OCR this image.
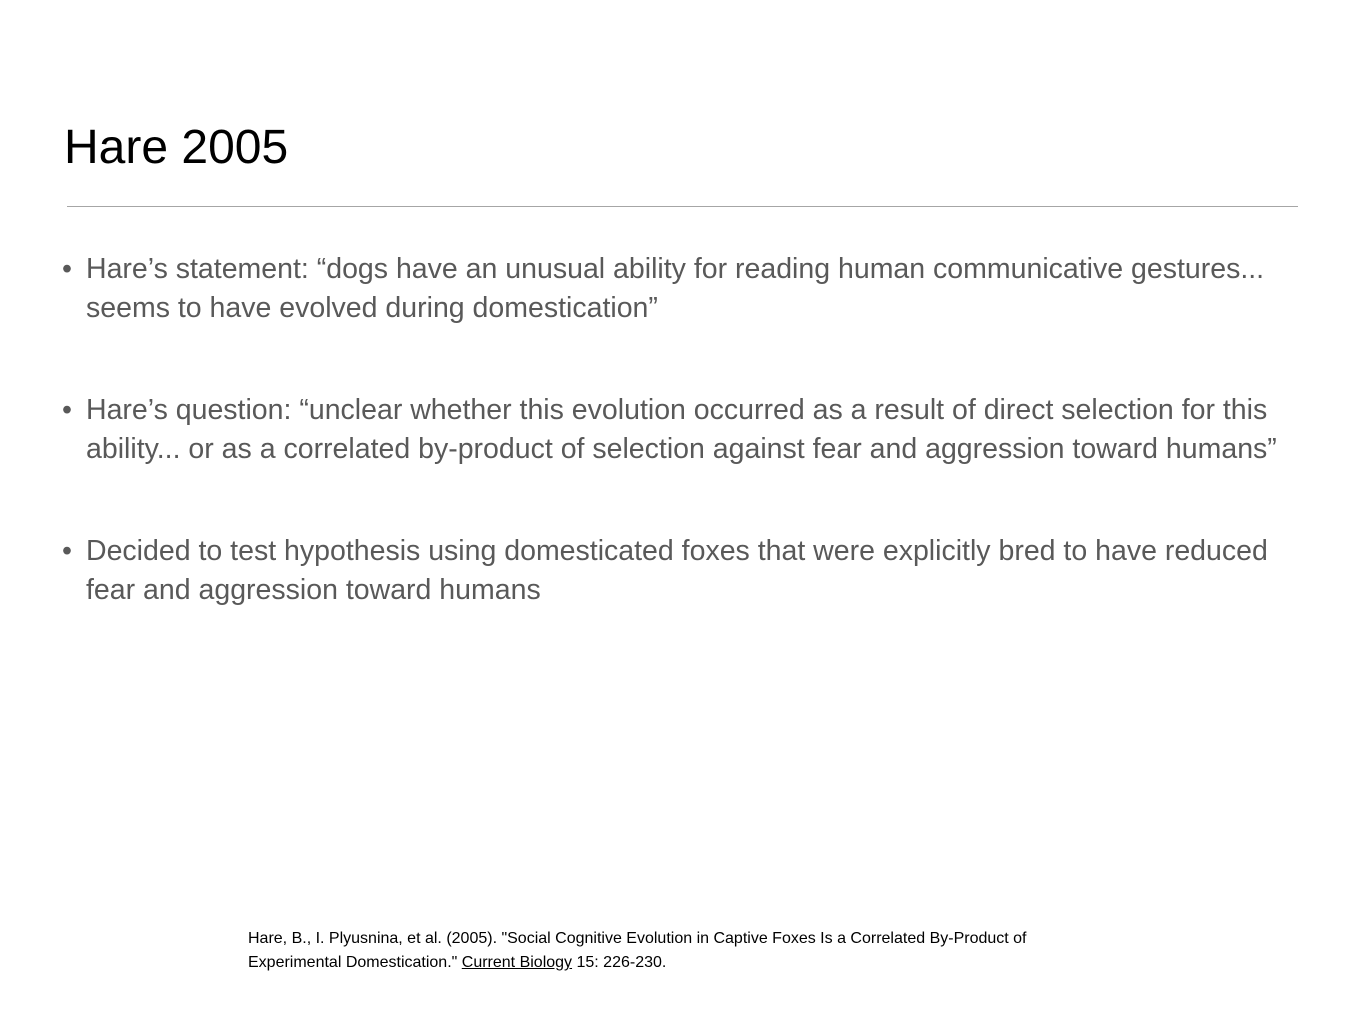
Hare 2005
• Hare’s statement: “dogs have an unusual ability for reading human communicative gestures... seems to have evolved during domestication”
• Hare’s question: “unclear whether this evolution occurred as a result of direct selection for this ability... or as a correlated by-product of selection against fear and aggression toward humans”
• Decided to test hypothesis using domesticated foxes that were explicitly bred to have reduced fear and aggression toward humans

Hare, B., I. Plyusnina, et al. (2005). "Social Cognitive Evolution in Captive Foxes Is a Correlated By-Product of Experimental Domestication." Current Biology 15: 226-230.
